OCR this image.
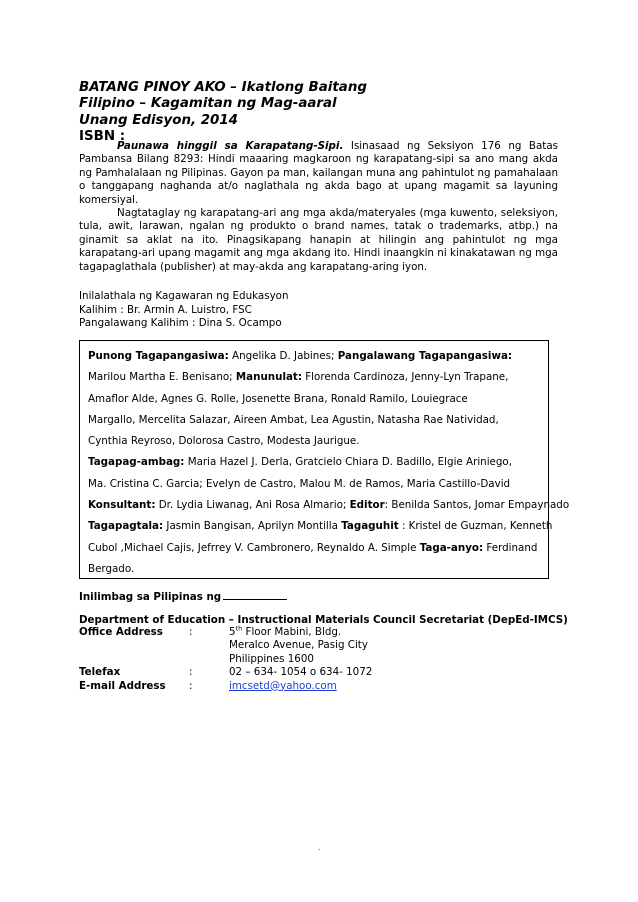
BATANG PINOY AKO – Ikatlong Baitang
Filipino – Kagamitan ng Mag-aaral
Unang Edisyon, 2014
ISBN :
Paunawa hinggil sa Karapatang-Sipi. Isinasaad ng Seksiyon 176 ng Batas Pambansa Bilang 8293: Hindi maaaring magkaroon ng karapatang-sipi sa ano mang akda ng Pamhalalaan ng Pilipinas. Gayon pa man, kailangan muna ang pahintulot ng pamahalaan o tanggapang naghanda at/o naglathala ng akda bago at upang magamit sa layuning komersiyal.
Nagtataglay ng karapatang-ari ang mga akda/materyales (mga kuwento, seleksiyon, tula, awit, larawan, ngalan ng produkto o brand names, tatak o trademarks, atbp.) na ginamit sa aklat na ito. Pinagsikapang hanapin at hilingin ang pahintulot ng mga karapatang-ari upang magamit ang mga akdang ito. Hindi inaangkin ni kinakatawan ng mga tagapaglathala (publisher) at may-akda ang karapatang-aring iyon.
Inilalathala ng Kagawaran ng Edukasyon
Kalihim : Br. Armin A. Luistro, FSC
Pangalawang Kalihim : Dina S. Ocampo
Punong Tagapangasiwa: Angelika D. Jabines; Pangalawang Tagapangasiwa:
Marilou Martha E. Benisano; Manunulat: Florenda Cardinoza, Jenny-Lyn Trapane,
Amaflor Alde, Agnes G. Rolle, Josenette Brana, Ronald Ramilo, Louiegrace
Margallo, Mercelita Salazar, Aireen Ambat, Lea Agustin, Natasha Rae Natividad,
Cynthia Reyroso, Dolorosa Castro, Modesta Jaurigue.
Tagapag-ambag: Maria Hazel J. Derla, Gratcielo Chiara D. Badillo, Elgie Ariniego,
Ma. Cristina C. Garcia; Evelyn de Castro, Malou M. de Ramos, Maria Castillo-David
Konsultant: Dr. Lydia Liwanag, Ani Rosa Almario; Editor: Benilda Santos, Jomar Empaynado
Tagapagtala: Jasmin Bangisan, Aprilyn Montilla Tagaguhit : Kristel de Guzman, Kenneth
Cubol ,Michael Cajis, Jefrrey V. Cambronero, Reynaldo A. Simple Taga-anyo: Ferdinand
Bergado.
Inilimbag sa Pilipinas ng
Department of Education – Instructional Materials Council Secretariat (DepEd-IMCS)
Office Address	:	5th Floor Mabini, Bldg.
Meralco Avenue, Pasig City
Philippines 1600
Telefax	:	02 – 634- 1054 o 634- 1072
E-mail Address :	imcsetd@yahoo.com
.
